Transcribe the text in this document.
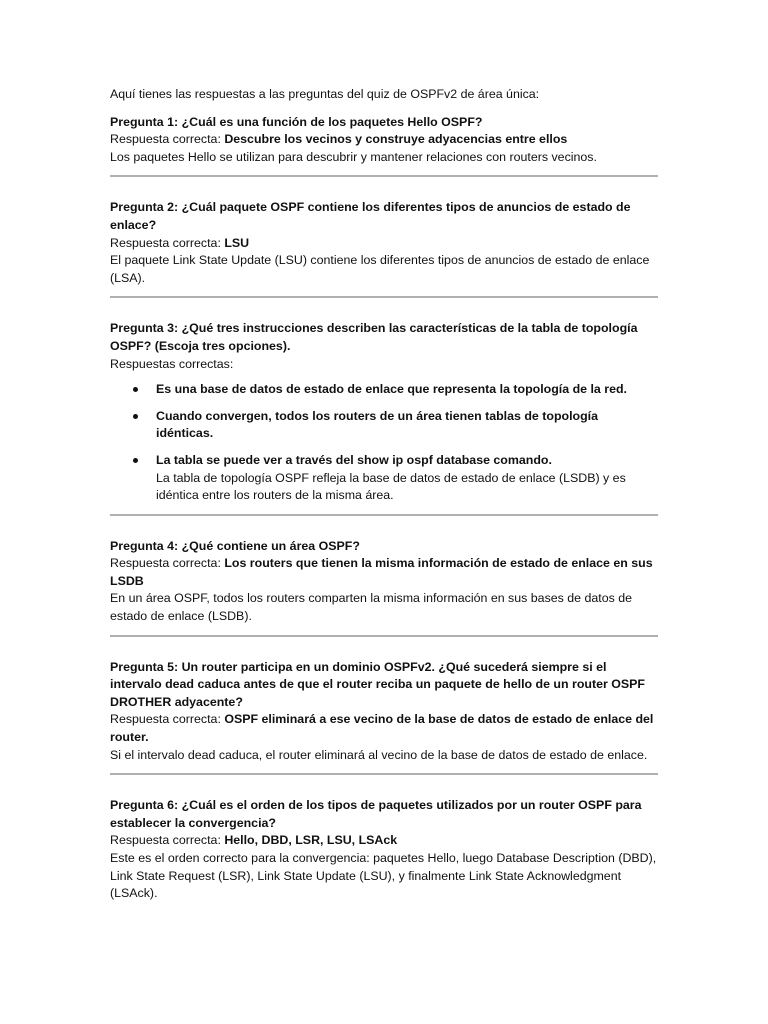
Aquí tienes las respuestas a las preguntas del quiz de OSPFv2 de área única:

Pregunta 1: ¿Cuál es una función de los paquetes Hello OSPF?

Respuesta correcta: Descubre los vecinos y construye adyacencias entre ellos

Los paquetes Hello se utilizan para descubrir y mantener relaciones con routers vecinos.

Pregunta 2: ¿Cuál paquete OSPF contiene los diferentes tipos de anuncios de estado de enlace?

Respuesta correcta: LSU

El paquete Link State Update (LSU) contiene los diferentes tipos de anuncios de estado de enlace (LSA).

Pregunta 3: ¿Qué tres instrucciones describen las características de la tabla de topología OSPF? (Escoja tres opciones).

Respuestas correctas:

Es una base de datos de estado de enlace que representa la topología de la red.
Cuando convergen, todos los routers de un área tienen tablas de topología idénticas.
La tabla se puede ver a través del show ip ospf database comando.
La tabla de topología OSPF refleja la base de datos de estado de enlace (LSDB) y es idéntica entre los routers de la misma área.

Pregunta 4: ¿Qué contiene un área OSPF?

Respuesta correcta: Los routers que tienen la misma información de estado de enlace en sus LSDB

En un área OSPF, todos los routers comparten la misma información en sus bases de datos de estado de enlace (LSDB).

Pregunta 5: Un router participa en un dominio OSPFv2. ¿Qué sucederá siempre si el intervalo dead caduca antes de que el router reciba un paquete de hello de un router OSPF DROTHER adyacente?

Respuesta correcta: OSPF eliminará a ese vecino de la base de datos de estado de enlace del router.

Si el intervalo dead caduca, el router eliminará al vecino de la base de datos de estado de enlace.

Pregunta 6: ¿Cuál es el orden de los tipos de paquetes utilizados por un router OSPF para establecer la convergencia?

Respuesta correcta: Hello, DBD, LSR, LSU, LSAck

Este es el orden correcto para la convergencia: paquetes Hello, luego Database Description (DBD), Link State Request (LSR), Link State Update (LSU), y finalmente Link State Acknowledgment (LSAck).
